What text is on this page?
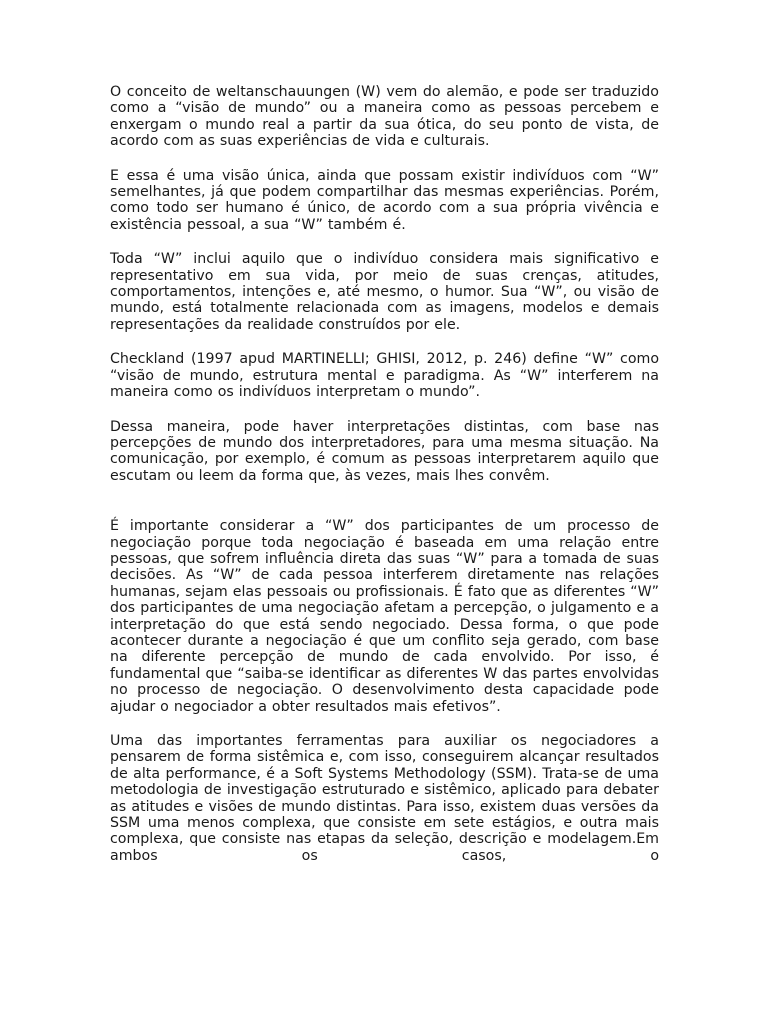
O conceito de weltanschauungen (W) vem do alemão, e pode ser traduzido como a “visão de mundo” ou a maneira como as pessoas percebem e enxergam o mundo real a partir da sua ótica, do seu ponto de vista, de acordo com as suas experiências de vida e culturais.

E essa é uma visão única, ainda que possam existir indivíduos com “W” semelhantes, já que podem compartilhar das mesmas experiências. Porém, como todo ser humano é único, de acordo com a sua própria vivência e existência pessoal, a sua “W” também é.

Toda “W” inclui aquilo que o indivíduo considera mais significativo e representativo em sua vida, por meio de suas crenças, atitudes, comportamentos, intenções e, até mesmo, o humor. Sua “W”, ou visão de mundo, está totalmente relacionada com as imagens, modelos e demais representações da realidade construídos por ele.

Checkland (1997 apud MARTINELLI; GHISI, 2012, p. 246) define “W” como “visão de mundo, estrutura mental e paradigma. As “W” interferem na maneira como os indivíduos interpretam o mundo”.

Dessa maneira, pode haver interpretações distintas, com base nas percepções de mundo dos interpretadores, para uma mesma situação. Na comunicação, por exemplo, é comum as pessoas interpretarem aquilo que escutam ou leem da forma que, às vezes, mais lhes convêm.

É importante considerar a “W” dos participantes de um processo de negociação porque toda negociação é baseada em uma relação entre pessoas, que sofrem influência direta das suas “W” para a tomada de suas decisões. As “W” de cada pessoa interferem diretamente nas relações humanas, sejam elas pessoais ou profissionais. É fato que as diferentes “W” dos participantes de uma negociação afetam a percepção, o julgamento e a interpretação do que está sendo negociado. Dessa forma, o que pode acontecer durante a negociação é que um conflito seja gerado, com base na diferente percepção de mundo de cada envolvido. Por isso, é fundamental que “saiba-se identificar as diferentes W das partes envolvidas no processo de negociação. O desenvolvimento desta capacidade pode ajudar o negociador a obter resultados mais efetivos”.

Uma das importantes ferramentas para auxiliar os negociadores a pensarem de forma sistêmica e, com isso, conseguirem alcançar resultados de alta performance, é a Soft Systems Methodology (SSM). Trata-se de uma metodologia de investigação estruturado e sistêmico, aplicado para debater as atitudes e visões de mundo distintas. Para isso, existem duas versões da SSM uma menos complexa, que consiste em sete estágios, e outra mais complexa, que consiste nas etapas da seleção, descrição e modelagem.Em ambos os casos, o
